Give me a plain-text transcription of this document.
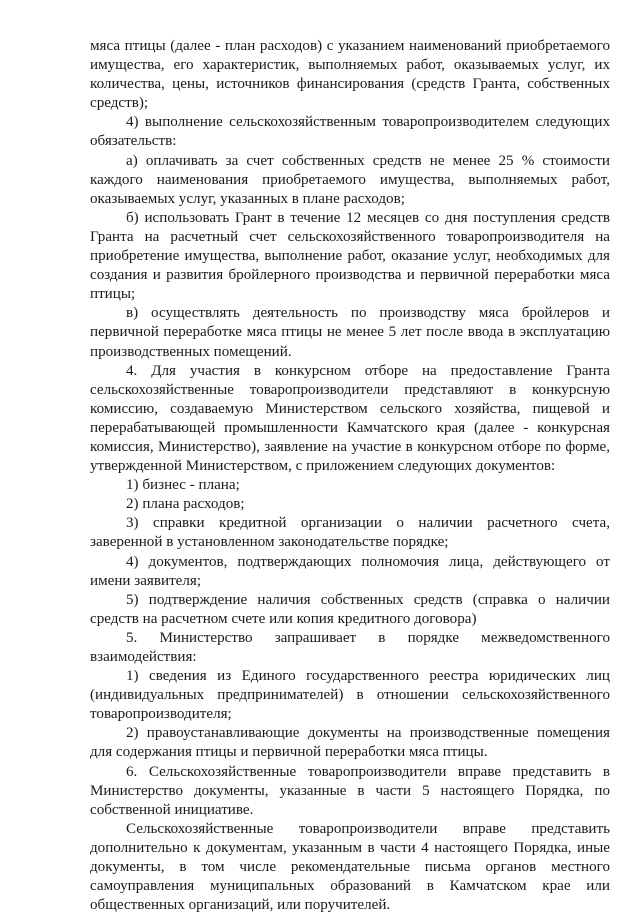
мяса птицы (далее - план расходов) с указанием наименований приобретаемого имущества, его характеристик, выполняемых работ, оказываемых услуг, их количества, цены, источников финансирования (средств Гранта, собственных средств);

4) выполнение сельскохозяйственным товаропроизводителем следующих обязательств:

а) оплачивать за счет собственных средств не менее 25 % стоимости каждого наименования приобретаемого имущества, выполняемых работ, оказываемых услуг, указанных в плане расходов;

б) использовать Грант в течение 12 месяцев со дня поступления средств Гранта на расчетный счет сельскохозяйственного товаропроизводителя на приобретение имущества, выполнение работ, оказание услуг, необходимых для создания и развития бройлерного производства и первичной переработки мяса птицы;

в) осуществлять деятельность по производству мяса бройлеров и первичной переработке мяса птицы не менее 5 лет после ввода в эксплуатацию производственных помещений.

4. Для участия в конкурсном отборе на предоставление Гранта сельскохозяйственные товаропроизводители представляют в конкурсную комиссию, создаваемую Министерством сельского хозяйства, пищевой и перерабатывающей промышленности Камчатского края (далее - конкурсная комиссия, Министерство), заявление на участие в конкурсном отборе по форме, утвержденной Министерством, с приложением следующих документов:

1) бизнес - плана;

2) плана расходов;

3) справки кредитной организации о наличии расчетного счета, заверенной в установленном законодательстве порядке;

4) документов, подтверждающих полномочия лица, действующего от имени заявителя;

5) подтверждение наличия собственных средств (справка о наличии средств на расчетном счете или копия кредитного договора)

5. Министерство запрашивает в порядке межведомственного взаимодействия:

1) сведения из Единого государственного реестра юридических лиц (индивидуальных предпринимателей) в отношении сельскохозяйственного товаропроизводителя;

2) правоустанавливающие документы на производственные помещения для содержания птицы и первичной переработки мяса птицы.

6. Сельскохозяйственные товаропроизводители вправе представить в Министерство документы, указанные в части 5 настоящего Порядка, по собственной инициативе.

Сельскохозяйственные товаропроизводители вправе представить дополнительно к документам, указанным в части 4 настоящего Порядка, иные документы, в том числе рекомендательные письма органов местного самоуправления муниципальных образований в Камчатском крае или общественных организаций, или поручителей.
